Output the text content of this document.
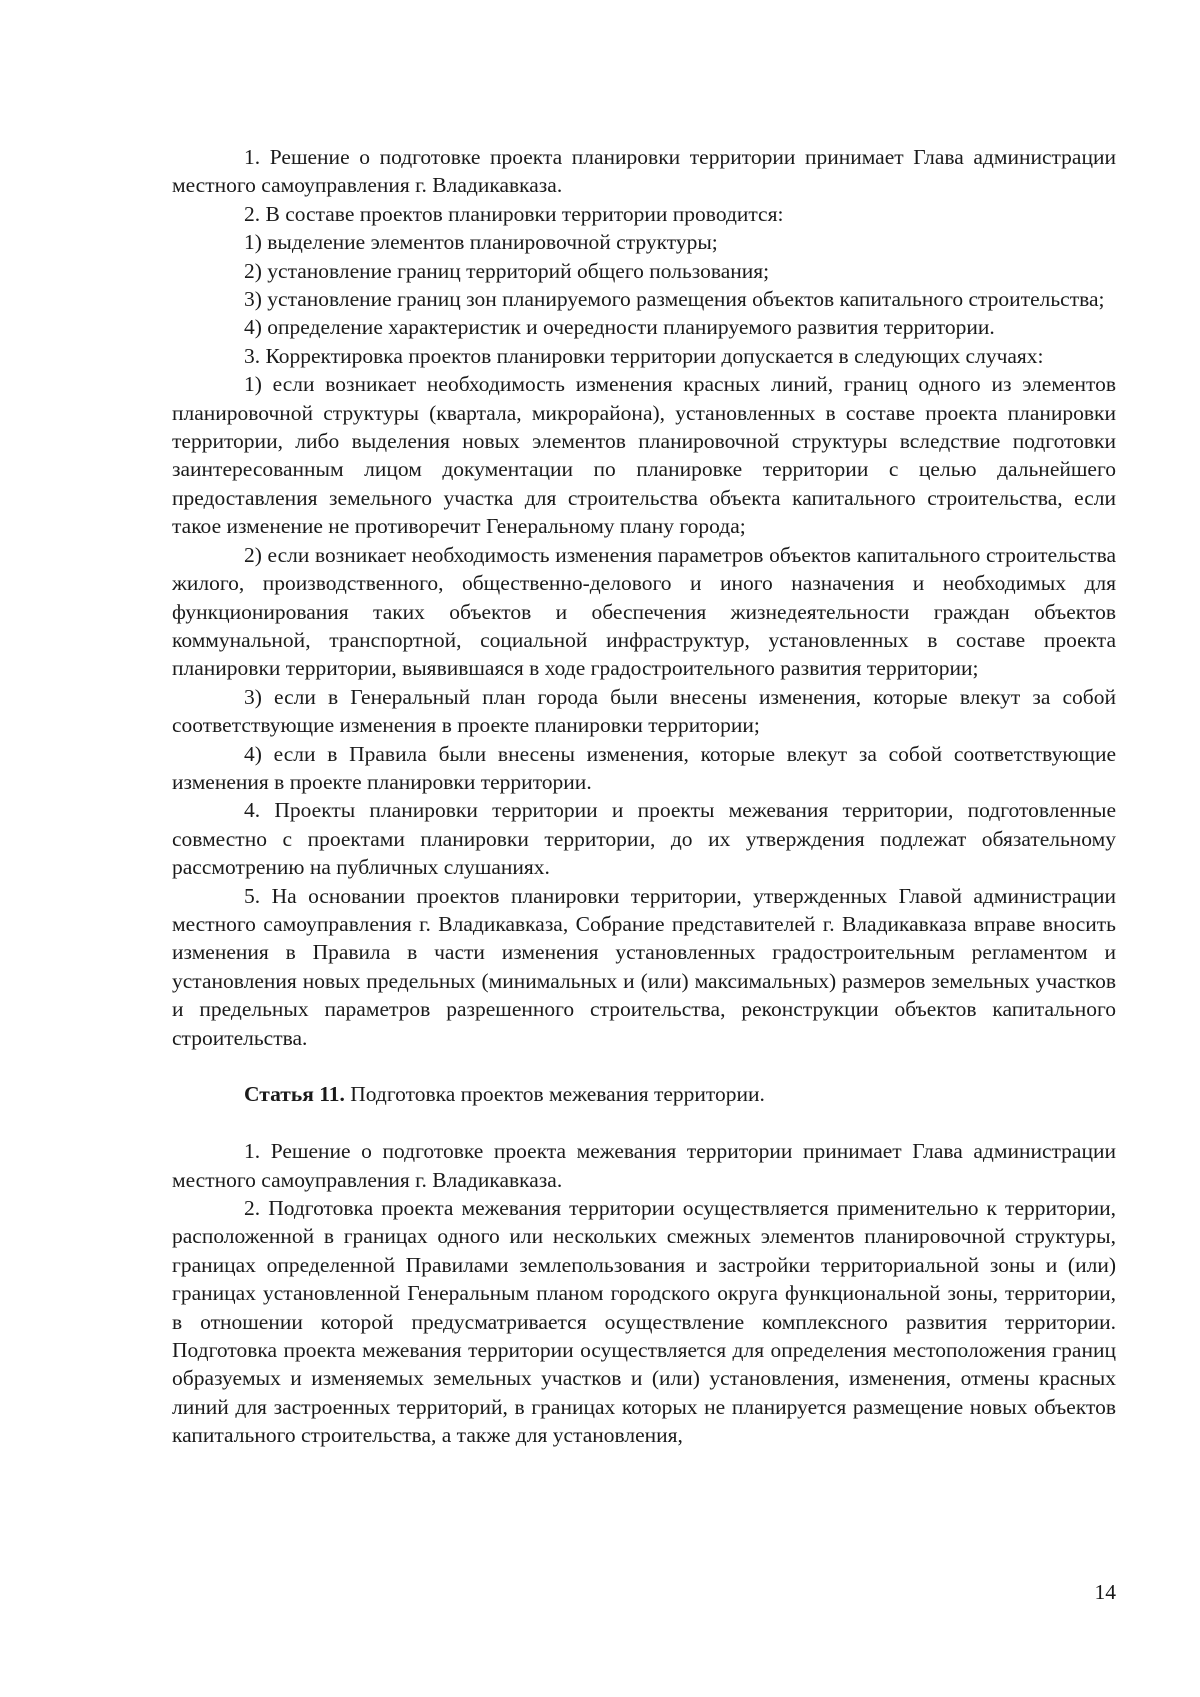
1. Решение о подготовке проекта планировки территории принимает Глава администрации местного самоуправления г. Владикавказа.

2. В составе проектов планировки территории проводится:

1) выделение элементов планировочной структуры;

2) установление границ территорий общего пользования;

3) установление границ зон планируемого размещения объектов капитального строительства;

4) определение характеристик и очередности планируемого развития территории.

3. Корректировка проектов планировки территории допускается в следующих случаях:

1) если возникает необходимость изменения красных линий, границ одного из элементов планировочной структуры (квартала, микрорайона), установленных в составе проекта планировки территории, либо выделения новых элементов планировочной структуры вследствие подготовки заинтересованным лицом документации по планировке территории с целью дальнейшего предоставления земельного участка для строительства объекта капитального строительства, если такое изменение не противоречит Генеральному плану города;

2) если возникает необходимость изменения параметров объектов капитального строительства жилого, производственного, общественно-делового и иного назначения и необходимых для функционирования таких объектов и обеспечения жизнедеятельности граждан объектов коммунальной, транспортной, социальной инфраструктур, установленных в составе проекта планировки территории, выявившаяся в ходе градостроительного развития территории;

3) если в Генеральный план города были внесены изменения, которые влекут за собой соответствующие изменения в проекте планировки территории;

4) если в Правила были внесены изменения, которые влекут за собой соответствующие изменения в проекте планировки территории.

4. Проекты планировки территории и проекты межевания территории, подготовленные совместно с проектами планировки территории, до их утверждения подлежат обязательному рассмотрению на публичных слушаниях.

5. На основании проектов планировки территории, утвержденных Главой администрации местного самоуправления г. Владикавказа, Собрание представителей г. Владикавказа вправе вносить изменения в Правила в части изменения установленных градостроительным регламентом и установления новых предельных (минимальных и (или) максимальных) размеров земельных участков и предельных параметров разрешенного строительства, реконструкции объектов капитального строительства.

Статья 11. Подготовка проектов межевания территории.

1. Решение о подготовке проекта межевания территории принимает Глава администрации местного самоуправления г. Владикавказа.

2. Подготовка проекта межевания территории осуществляется применительно к территории, расположенной в границах одного или нескольких смежных элементов планировочной структуры, границах определенной Правилами землепользования и застройки территориальной зоны и (или) границах установленной Генеральным планом городского округа функциональной зоны, территории, в отношении которой предусматривается осуществление комплексного развития территории. Подготовка проекта межевания территории осуществляется для определения местоположения границ образуемых и изменяемых земельных участков и (или) установления, изменения, отмены красных линий для застроенных территорий, в границах которых не планируется размещение новых объектов капитального строительства, а также для установления,

14
